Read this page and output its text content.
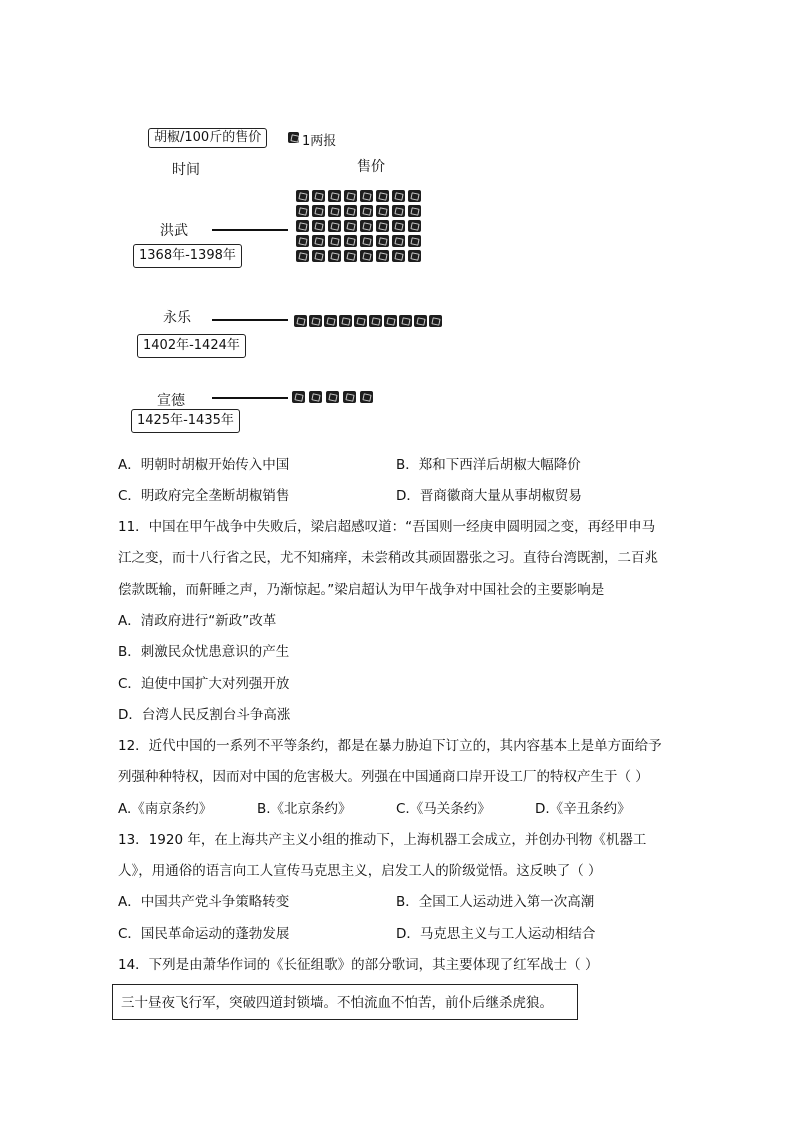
胡椒/100斤的售价	1两报
时间	售价
洪武
1368年-1398年
永乐
1402年-1424年
宣德
1425年-1435年
A．明朝时胡椒开始传入中国	B．郑和下西洋后胡椒大幅降价
C．明政府完全垄断胡椒销售	D．晋商徽商大量从事胡椒贸易
11．中国在甲午战争中失败后，梁启超感叹道：“吾国则一经庚申圆明园之变，再经甲申马
江之变，而十八行省之民，尤不知痛痒，未尝稍改其顽固嚣张之习。直待台湾既割，二百兆
偿款既输，而鼾睡之声，乃渐惊起。”梁启超认为甲午战争对中国社会的主要影响是
A．清政府进行“新政”改革
B．刺激民众忧患意识的产生
C．迫使中国扩大对列强开放
D．台湾人民反割台斗争高涨
12．近代中国的一系列不平等条约，都是在暴力胁迫下订立的，其内容基本上是单方面给予
列强种种特权，因而对中国的危害极大。列强在中国通商口岸开设工厂的特权产生于（ ）
A.《南京条约》	B.《北京条约》	C.《马关条约》	D.《辛丑条约》
13．1920 年，在上海共产主义小组的推动下，上海机器工会成立，并创办刊物《机器工
人》，用通俗的语言向工人宣传马克思主义，启发工人的阶级觉悟。这反映了（ ）
A．中国共产党斗争策略转变	B．全国工人运动进入第一次高潮
C．国民革命运动的蓬勃发展	D．马克思主义与工人运动相结合
14．下列是由萧华作词的《长征组歌》的部分歌词，其主要体现了红军战士（ ）
三十昼夜飞行军，突破四道封锁墙。不怕流血不怕苦，前仆后继杀虎狼。
